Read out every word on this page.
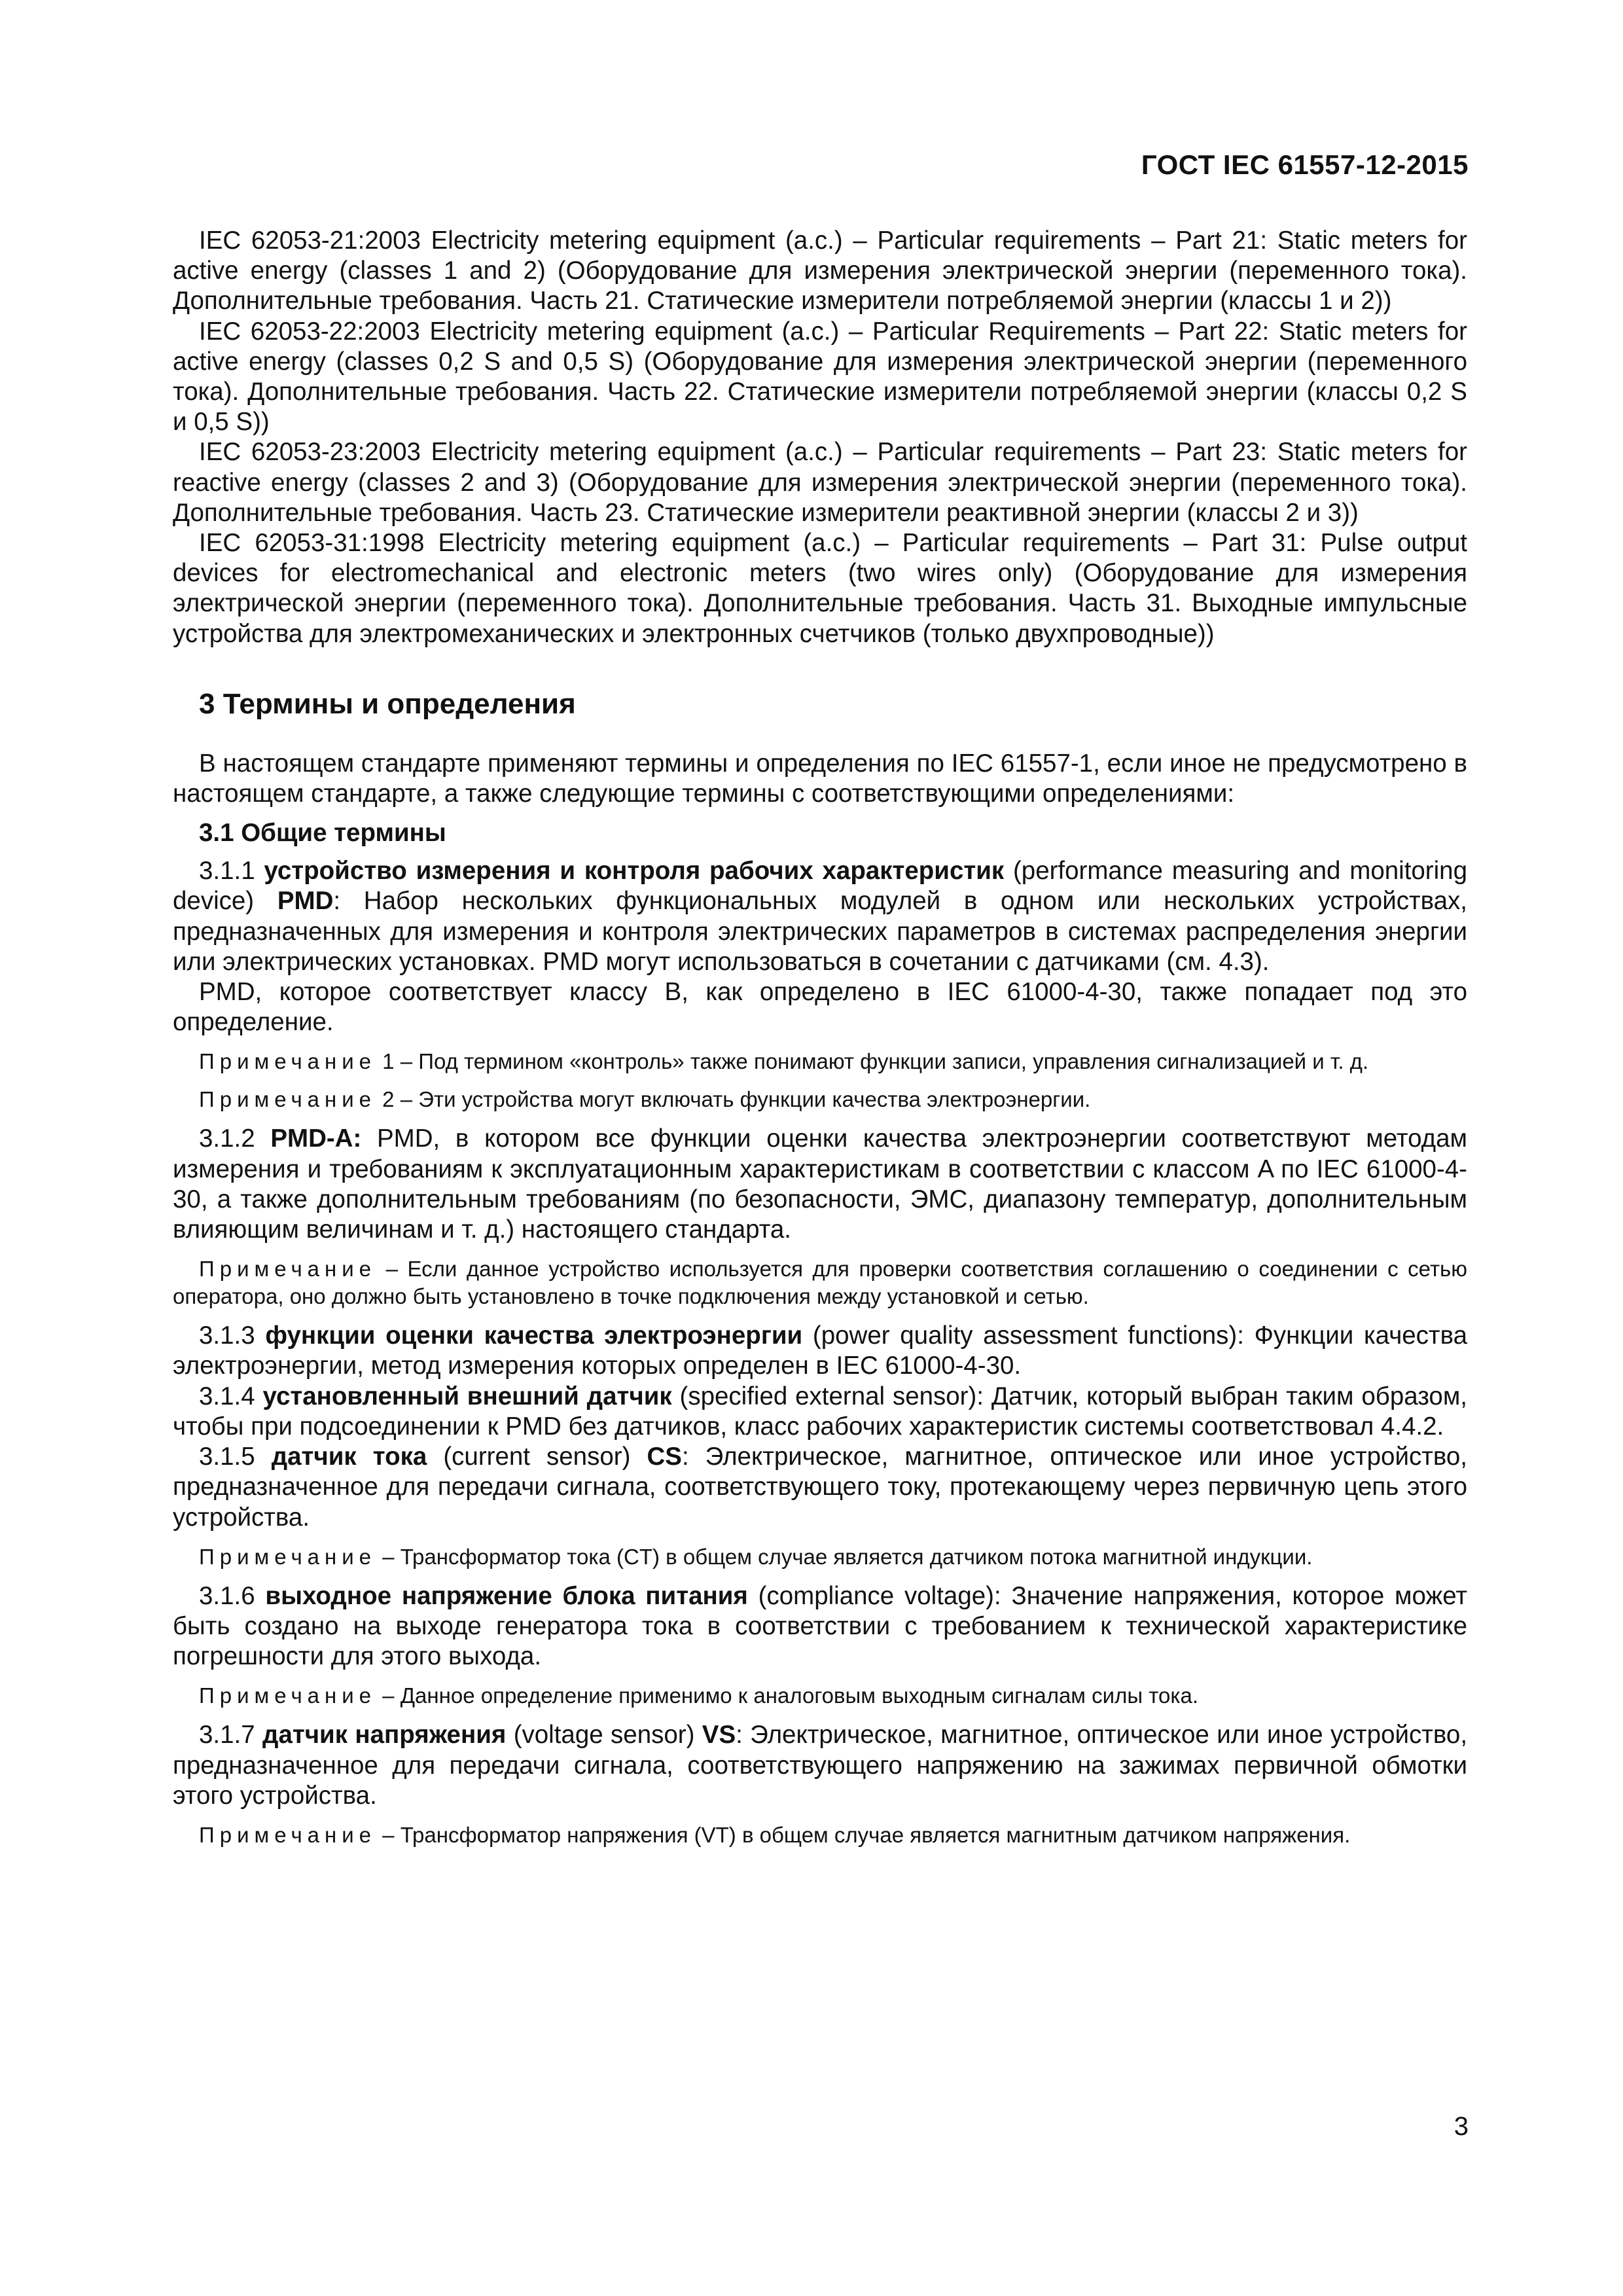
ГОСТ IEC 61557-12-2015

IEC 62053-21:2003 Electricity metering equipment (a.c.) – Particular requirements – Part 21: Static meters for active energy (classes 1 and 2) (Оборудование для измерения электрической энергии (переменного тока). Дополнительные требования. Часть 21. Статические измерители потребляемой энергии (классы 1 и 2))

IEC 62053-22:2003 Electricity metering equipment (a.c.) – Particular Requirements – Part 22: Static meters for active energy (classes 0,2 S and 0,5 S) (Оборудование для измерения электрической энергии (переменного тока). Дополнительные требования. Часть 22. Статические измерители потребляемой энергии (классы 0,2 S и 0,5 S))

IEC 62053-23:2003 Electricity metering equipment (a.c.) – Particular requirements – Part 23: Static meters for reactive energy (classes 2 and 3) (Оборудование для измерения электрической энергии (переменного тока). Дополнительные требования. Часть 23. Статические измерители реактивной энергии (классы 2 и 3))

IEC 62053-31:1998 Electricity metering equipment (a.c.) – Particular requirements – Part 31: Pulse output devices for electromechanical and electronic meters (two wires only) (Оборудование для измерения электрической энергии (переменного тока). Дополнительные требования. Часть 31. Выходные импульсные устройства для электромеханических и электронных счетчиков (только двухпроводные))

3 Термины и определения

В настоящем стандарте применяют термины и определения по IEC 61557-1, если иное не предусмотрено в настоящем стандарте, а также следующие термины с соответствующими определениями:

3.1 Общие термины

3.1.1 устройство измерения и контроля рабочих характеристик (performance measuring and monitoring device) PMD: Набор нескольких функциональных модулей в одном или нескольких устройствах, предназначенных для измерения и контроля электрических параметров в системах распределения энергии или электрических установках. PMD могут использоваться в сочетании с датчиками (см. 4.3).

PMD, которое соответствует классу B, как определено в IEC 61000-4-30, также попадает под это определение.

Примечание 1 – Под термином «контроль» также понимают функции записи, управления сигнализацией и т. д.

Примечание 2 – Эти устройства могут включать функции качества электроэнергии.

3.1.2 PMD-A: PMD, в котором все функции оценки качества электроэнергии соответствуют методам измерения и требованиям к эксплуатационным характеристикам в соответствии с классом A по IEC 61000-4-30, а также дополнительным требованиям (по безопасности, ЭМС, диапазону температур, дополнительным влияющим величинам и т. д.) настоящего стандарта.

Примечание – Если данное устройство используется для проверки соответствия соглашению о соединении с сетью оператора, оно должно быть установлено в точке подключения между установкой и сетью.

3.1.3 функции оценки качества электроэнергии (power quality assessment functions): Функции качества электроэнергии, метод измерения которых определен в IEC 61000-4-30.

3.1.4 установленный внешний датчик (specified external sensor): Датчик, который выбран таким образом, чтобы при подсоединении к PMD без датчиков, класс рабочих характеристик системы соответствовал 4.4.2.

3.1.5 датчик тока (current sensor) CS: Электрическое, магнитное, оптическое или иное устройство, предназначенное для передачи сигнала, соответствующего току, протекающему через первичную цепь этого устройства.

Примечание – Трансформатор тока (CT) в общем случае является датчиком потока магнитной индукции.

3.1.6 выходное напряжение блока питания (compliance voltage): Значение напряжения, которое может быть создано на выходе генератора тока в соответствии с требованием к технической характеристике погрешности для этого выхода.

Примечание – Данное определение применимо к аналоговым выходным сигналам силы тока.

3.1.7 датчик напряжения (voltage sensor) VS: Электрическое, магнитное, оптическое или иное устройство, предназначенное для передачи сигнала, соответствующего напряжению на зажимах первичной обмотки этого устройства.

Примечание – Трансформатор напряжения (VT) в общем случае является магнитным датчиком напряжения.

3
